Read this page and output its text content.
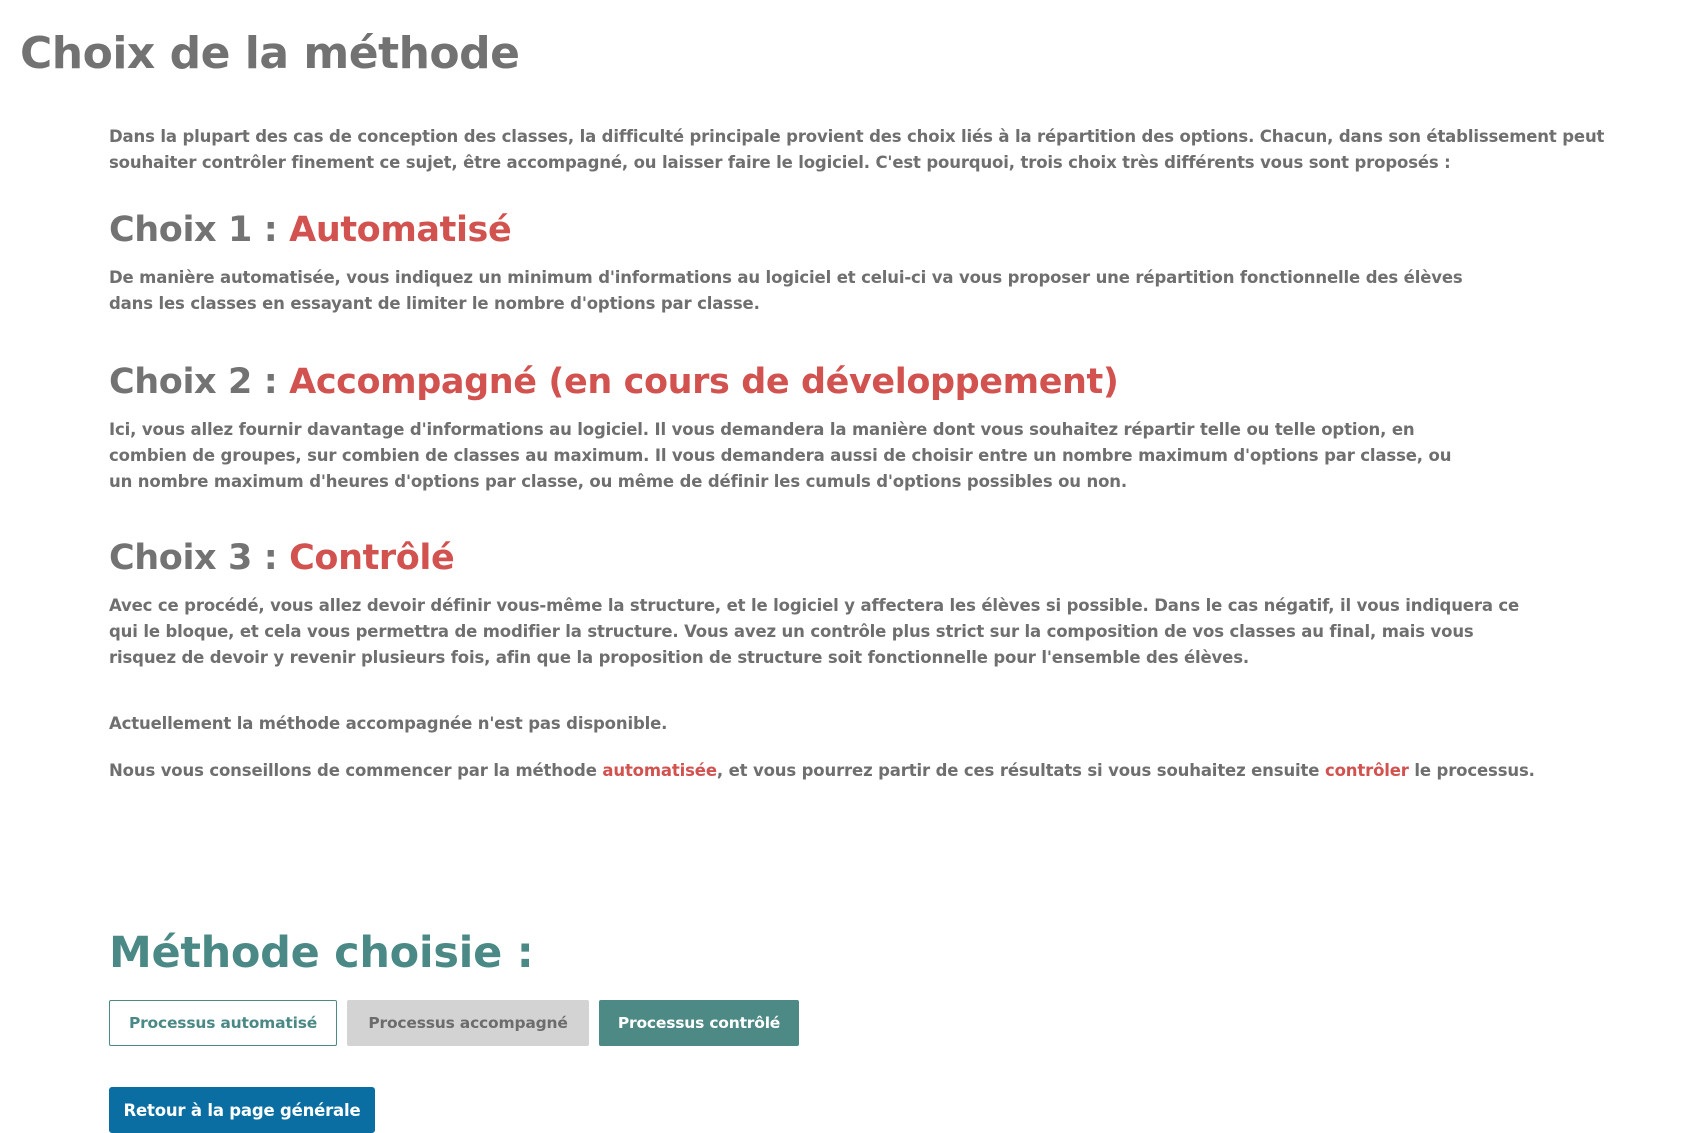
Choix de la méthode

Dans la plupart des cas de conception des classes, la difficulté principale provient des choix liés à la répartition des options. Chacun, dans son établissement peut souhaiter contrôler finement ce sujet, être accompagné, ou laisser faire le logiciel. C'est pourquoi, trois choix très différents vous sont proposés :

Choix 1 : Automatisé

De manière automatisée, vous indiquez un minimum d'informations au logiciel et celui-ci va vous proposer une répartition fonctionnelle des élèves dans les classes en essayant de limiter le nombre d'options par classe.

Choix 2 : Accompagné (en cours de développement)

Ici, vous allez fournir davantage d'informations au logiciel. Il vous demandera la manière dont vous souhaitez répartir telle ou telle option, en combien de groupes, sur combien de classes au maximum. Il vous demandera aussi de choisir entre un nombre maximum d'options par classe, ou un nombre maximum d'heures d'options par classe, ou même de définir les cumuls d'options possibles ou non.

Choix 3 : Contrôlé

Avec ce procédé, vous allez devoir définir vous-même la structure, et le logiciel y affectera les élèves si possible. Dans le cas négatif, il vous indiquera ce qui le bloque, et cela vous permettra de modifier la structure. Vous avez un contrôle plus strict sur la composition de vos classes au final, mais vous risquez de devoir y revenir plusieurs fois, afin que la proposition de structure soit fonctionnelle pour l'ensemble des élèves.

Actuellement la méthode accompagnée n'est pas disponible.

Nous vous conseillons de commencer par la méthode automatisée, et vous pourrez partir de ces résultats si vous souhaitez ensuite contrôler le processus.

Méthode choisie :
Processus automatisé	Processus accompagné	Processus contrôlé
Retour à la page générale
